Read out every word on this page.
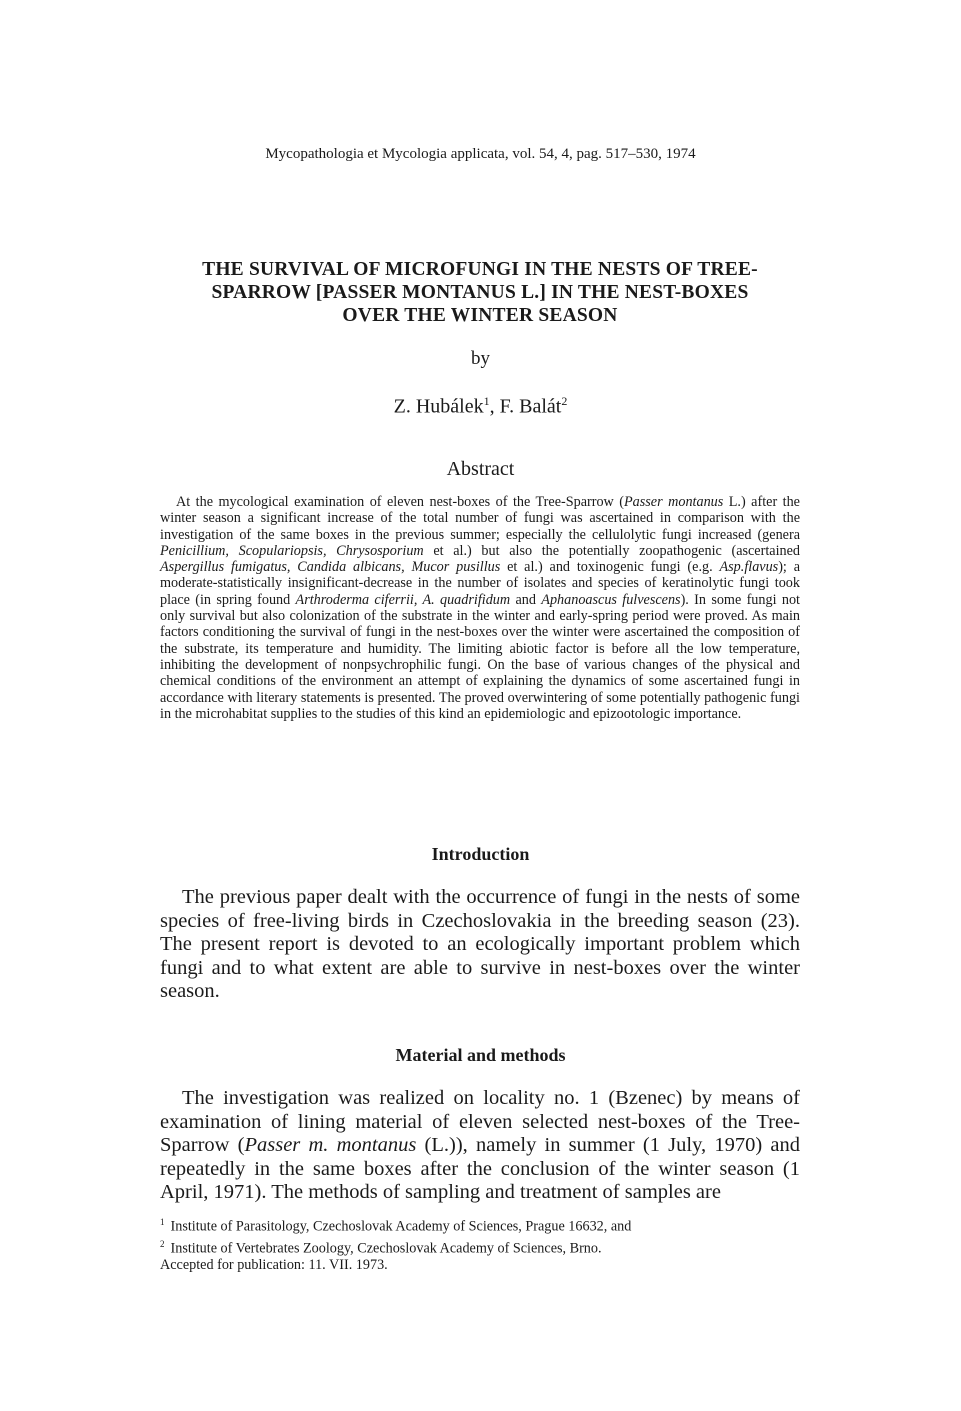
Mycopathologia et Mycologia applicata, vol. 54, 4, pag. 517–530, 1974
THE SURVIVAL OF MICROFUNGI IN THE NESTS OF TREE-
SPARROW [PASSER MONTANUS L.] IN THE NEST-BOXES
OVER THE WINTER SEASON
by
Z. Hubálek$^1$, F. Balát$^2$
Abstract

At the mycological examination of eleven nest-boxes of the Tree-Sparrow (Passer montanus L.) after the winter season a significant increase of the total number of fungi was ascertained in comparison with the investigation of the same boxes in the previous summer; especially the cellulolytic fungi increased (genera Penicillium, Scopulariopsis, Chrysosporium et al.) but also the potentially zoopathogenic (ascertained Aspergillus fumigatus, Candida albicans, Mucor pusillus et al.) and toxinogenic fungi (e.g. Asp.flavus); a moderate-statistically insignificant-decrease in the number of isolates and species of keratinolytic fungi took place (in spring found Arthroderma ciferrii, A. quadrifidum and Aphanoascus fulvescens). In some fungi not only survival but also colonization of the substrate in the winter and early-spring period were proved. As main factors conditioning the survival of fungi in the nest-boxes over the winter were ascertained the composition of the substrate, its temperature and humidity. The limiting abiotic factor is before all the low temperature, inhibiting the development of nonpsychrophilic fungi. On the base of various changes of the physical and chemical conditions of the environment an attempt of explaining the dynamics of some ascertained fungi in accordance with literary statements is presented. The proved overwintering of some potentially pathogenic fungi in the microhabitat supplies to the studies of this kind an epidemiologic and epizootologic importance.

Introduction

The previous paper dealt with the occurrence of fungi in the nests of some species of free-living birds in Czechoslovakia in the breeding season (23). The present report is devoted to an ecologically important problem which fungi and to what extent are able to survive in nest-boxes over the winter season.

Material and methods

The investigation was realized on locality no. 1 (Bzenec) by means of examination of lining material of eleven selected nest-boxes of the Tree-Sparrow (Passer m. montanus (L.)), namely in summer (1 July, 1970) and repeatedly in the same boxes after the conclusion of the winter season (1 April, 1971). The methods of sampling and treatment of samples are

$^1$ Institute of Parasitology, Czechoslovak Academy of Sciences, Prague 16632, and
$^2$ Institute of Vertebrates Zoology, Czechoslovak Academy of Sciences, Brno.
Accepted for publication: 11. VII. 1973.
